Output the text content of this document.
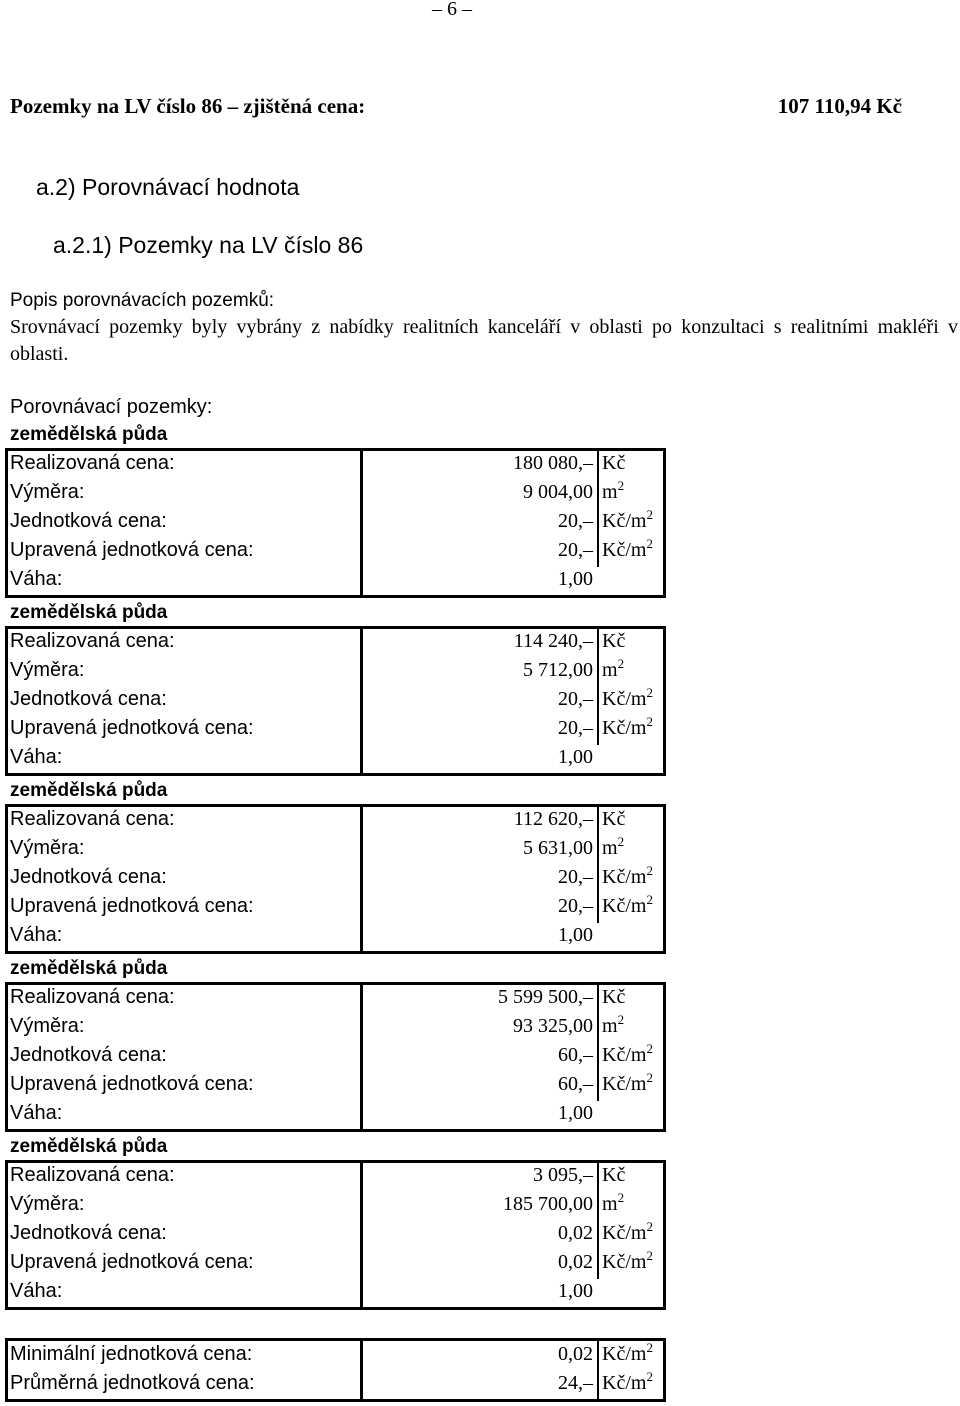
– 6 –
Pozemky na LV číslo 86 – zjištěná cena:	107 110,94 Kč
a.2) Porovnávací hodnota
a.2.1) Pozemky na LV číslo 86
Popis porovnávacích pozemků:
Srovnávací pozemky byly vybrány z nabídky realitních kanceláří v oblasti po konzultaci s realitními makléři v oblasti.
Porovnávací pozemky:
zemědělská půda
Realizovaná cena:	180 080,– Kč
Výměra:	9 004,00 $m^2$
Jednotková cena:	20,– $Kč/m^2$
Upravená jednotková cena:	20,– $Kč/m^2$
Váha:	1,00
zemědělská půda
Realizovaná cena:	114 240,– Kč
Výměra:	5 712,00 $m^2$
Jednotková cena:	20,– $Kč/m^2$
Upravená jednotková cena:	20,– $Kč/m^2$
Váha:	1,00
zemědělská půda
Realizovaná cena:	112 620,– Kč
Výměra:	5 631,00 $m^2$
Jednotková cena:	20,– $Kč/m^2$
Upravená jednotková cena:	20,– $Kč/m^2$
Váha:	1,00
zemědělská půda
Realizovaná cena:	5 599 500,– Kč
Výměra:	93 325,00 $m^2$
Jednotková cena:	60,– $Kč/m^2$
Upravená jednotková cena:	60,– $Kč/m^2$
Váha:	1,00
zemědělská půda
Realizovaná cena:	3 095,– Kč
Výměra:	185 700,00 $m^2$
Jednotková cena:	0,02 $Kč/m^2$
Upravená jednotková cena:	0,02 $Kč/m^2$
Váha:	1,00
Minimální jednotková cena:	0,02 $Kč/m^2$
Průměrná jednotková cena:	24,– $Kč/m^2$
